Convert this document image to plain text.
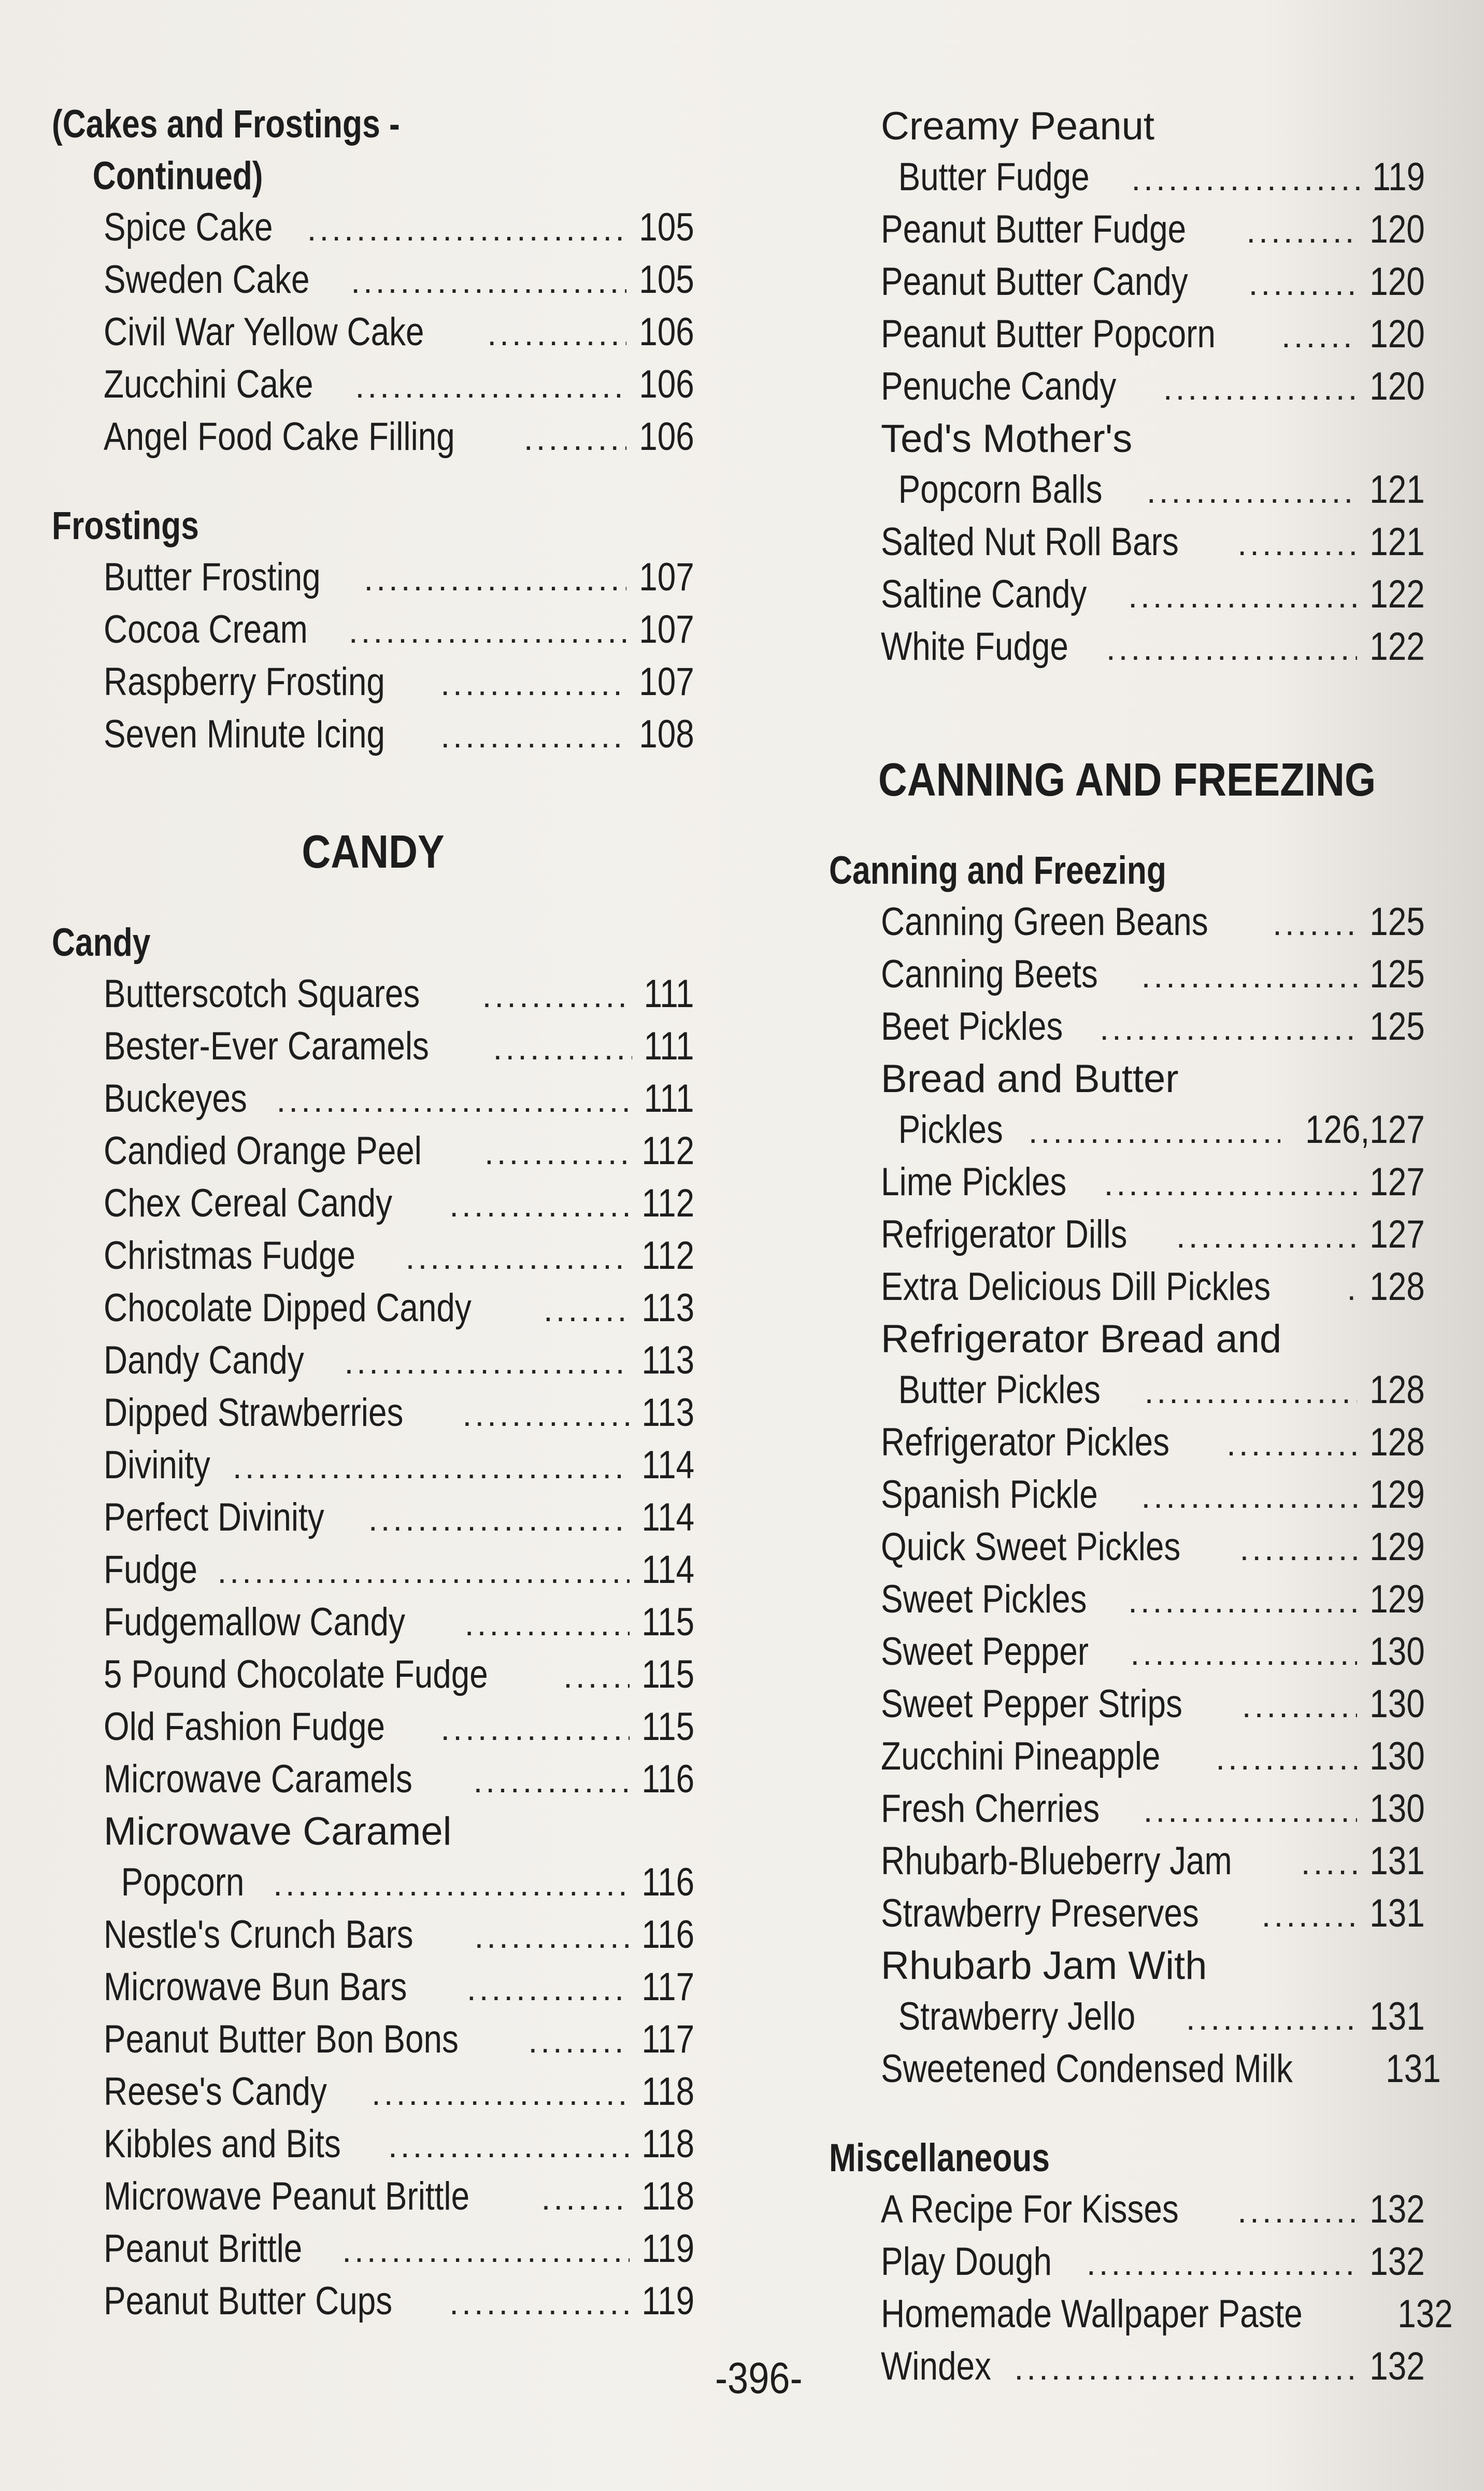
(Cakes and Frostings -
Continued)
Spice Cake .....	105
Sweden Cake .....	105
Civil War Yellow Cake .....	106
Zucchini Cake .....	106
Angel Food Cake Filling .....	106
Frostings
Butter Frosting .....	107
Cocoa Cream .....	107
Raspberry Frosting .....	107
Seven Minute Icing .....	108
CANDY
Candy
Butterscotch Squares .....	111
Bester-Ever Caramels .....	111
Buckeyes .....	111
Candied Orange Peel .....	112
Chex Cereal Candy .....	112
Christmas Fudge .....	112
Chocolate Dipped Candy .....	113
Dandy Candy .....	113
Dipped Strawberries .....	113
Divinity .....	114
Perfect Divinity .....	114
Fudge .....	114
Fudgemallow Candy .....	115
5 Pound Chocolate Fudge .....	115
Old Fashion Fudge .....	115
Microwave Caramels .....	116
Microwave Caramel
Popcorn .....	116
Nestle's Crunch Bars .....	116
Microwave Bun Bars .....	117
Peanut Butter Bon Bons .....	117
Reese's Candy .....	118
Kibbles and Bits .....	118
Microwave Peanut Brittle .....	118
Peanut Brittle .....	119
Peanut Butter Cups .....	119
Creamy Peanut
Butter Fudge .....	119
Peanut Butter Fudge .....	120
Peanut Butter Candy .....	120
Peanut Butter Popcorn .....	120
Penuche Candy .....	120
Ted's Mother's
Popcorn Balls .....	121
Salted Nut Roll Bars .....	121
Saltine Candy .....	122
White Fudge .....	122
CANNING AND FREEZING
Canning and Freezing
Canning Green Beans .....	125
Canning Beets .....	125
Beet Pickles .....	125
Bread and Butter
Pickles .....	126,127
Lime Pickles .....	127
Refrigerator Dills .....	127
Extra Delicious Dill Pickles .....	128
Refrigerator Bread and
Butter Pickles .....	128
Refrigerator Pickles .....	128
Spanish Pickle .....	129
Quick Sweet Pickles .....	129
Sweet Pickles .....	129
Sweet Pepper .....	130
Sweet Pepper Strips .....	130
Zucchini Pineapple .....	130
Fresh Cherries .....	130
Rhubarb-Blueberry Jam .....	131
Strawberry Preserves .....	131
Rhubarb Jam With
Strawberry Jello .....	131
Sweetened Condensed Milk 131
Miscellaneous
A Recipe For Kisses .....	132
Play Dough .....	132
Homemade Wallpaper Paste 132
Windex .....	132
-396-
